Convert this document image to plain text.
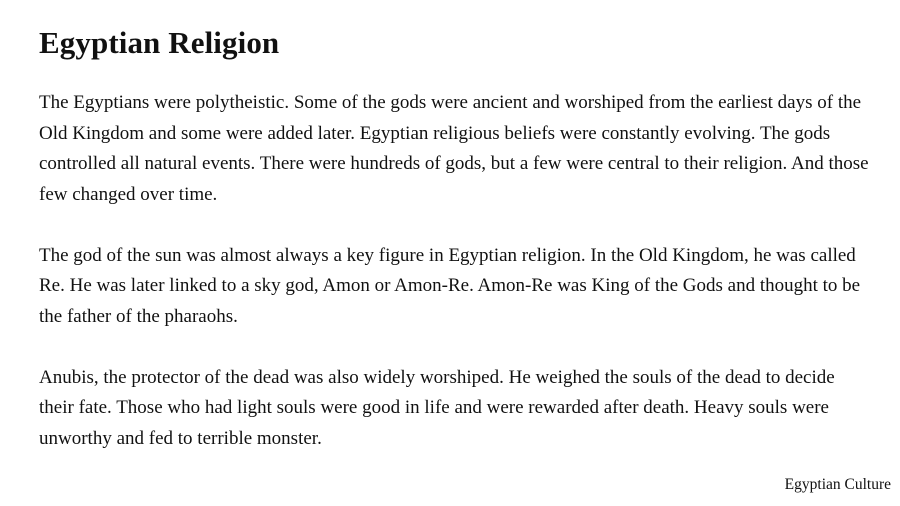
Egyptian Religion

The Egyptians were polytheistic. Some of the gods were ancient and worshiped from the earliest days of the Old Kingdom and some were added later. Egyptian religious beliefs were constantly evolving. The gods controlled all natural events. There were hundreds of gods, but a few were central to their religion. And those few changed over time.

The god of the sun was almost always a key figure in Egyptian religion. In the Old Kingdom, he was called Re. He was later linked to a sky god, Amon or Amon-Re. Amon-Re was King of the Gods and thought to be the father of the pharaohs.

Anubis, the protector of the dead was also widely worshiped. He weighed the souls of the dead to decide their fate. Those who had light souls were good in life and were rewarded after death. Heavy souls were unworthy and fed to terrible monster.

Egyptian Culture
